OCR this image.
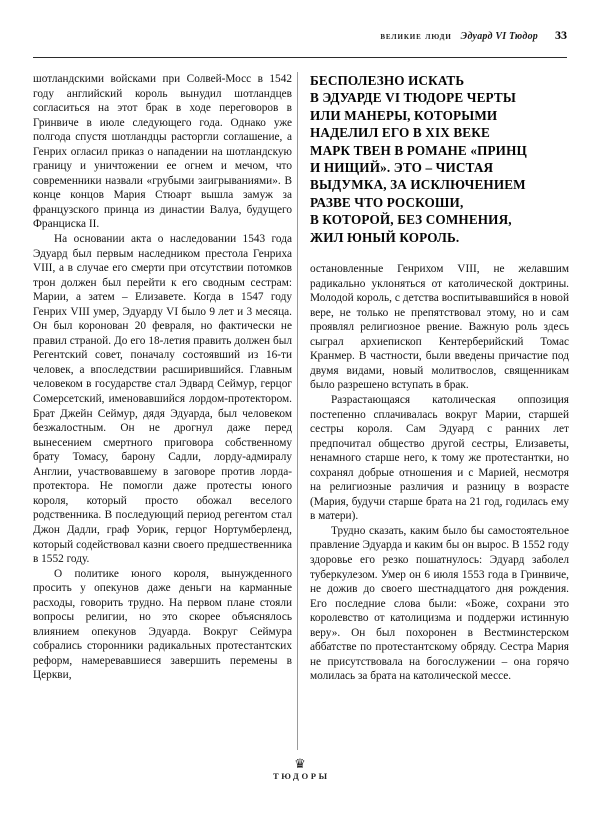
великие люди Эдуард VI Тюдор 33

шотландскими войсками при Солвей-Мосс в 1542 году английский король вынудил шотландцев согласиться на этот брак в ходе переговоров в Гринвиче в июле следующего года. Однако уже полгода спустя шотландцы расторгли соглашение, а Генрих огласил приказ о нападении на шотландскую границу и уничтожении ее огнем и мечом, что современники назвали «грубыми заигрываниями». В конце концов Мария Стюарт вышла замуж за французского принца из династии Валуа, будущего Франциска II.

На основании акта о наследовании 1543 года Эдуард был первым наследником престола Генриха VIII, а в случае его смерти при отсутствии потомков трон должен был перейти к его сводным сестрам: Марии, а затем – Елизавете. Когда в 1547 году Генрих VIII умер, Эдуарду VI было 9 лет и 3 месяца. Он был коронован 20 февраля, но фактически не правил страной. До его 18-летия править должен был Регентский совет, поначалу состоявший из 16-ти человек, а впоследствии расширившийся. Главным человеком в государстве стал Эдвард Сеймур, герцог Сомерсетский, именовавшийся лордом-протектором. Брат Джейн Сеймур, дядя Эдуарда, был человеком безжалостным. Он не дрогнул даже перед вынесением смертного приговора собственному брату Томасу, барону Садли, лорду-адмиралу Англии, участвовавшему в заговоре против лорда-протектора. Не помогли даже протесты юного короля, который просто обожал веселого родственника. В последующий период регентом стал Джон Дадли, граф Уорик, герцог Нортумберленд, который содействовал казни своего предшественника в 1552 году.

О политике юного короля, вынужденного просить у опекунов даже деньги на карманные расходы, говорить трудно. На первом плане стояли вопросы религии, но это скорее объяснялось влиянием опекунов Эдуарда. Вокруг Сеймура собрались сторонники радикальных протестантских реформ, намеревавшиеся завершить перемены в Церкви,

БЕСПОЛЕЗНО ИСКАТЬ
В ЭДУАРДЕ VI ТЮДОРЕ ЧЕРТЫ
ИЛИ МАНЕРЫ, КОТОРЫМИ
НАДЕЛИЛ ЕГО В XIX ВЕКЕ
МАРК ТВЕН В РОМАНЕ «ПРИНЦ
И НИЩИЙ». ЭТО – ЧИСТАЯ
ВЫДУМКА, ЗА ИСКЛЮЧЕНИЕМ
РАЗВЕ ЧТО РОСКОШИ,
В КОТОРОЙ, БЕЗ СОМНЕНИЯ,
ЖИЛ ЮНЫЙ КОРОЛЬ.

остановленные Генрихом VIII, не желавшим радикально уклоняться от католической доктрины. Молодой король, с детства воспитывавшийся в новой вере, не только не препятствовал этому, но и сам проявлял религиозное рвение. Важную роль здесь сыграл архиепископ Кентерберийский Томас Кранмер. В частности, были введены причастие под двумя видами, новый молитвослов, священникам было разрешено вступать в брак.

Разрастающаяся католическая оппозиция постепенно сплачивалась вокруг Марии, старшей сестры короля. Сам Эдуард с ранних лет предпочитал общество другой сестры, Елизаветы, ненамного старше него, к тому же протестантки, но сохранял добрые отношения и с Марией, несмотря на религиозные различия и разницу в возрасте (Мария, будучи старше брата на 21 год, годилась ему в матери).

Трудно сказать, каким было бы самостоятельное правление Эдуарда и каким бы он вырос. В 1552 году здоровье его резко пошатнулось: Эдуард заболел туберкулезом. Умер он 6 июля 1553 года в Гринвиче, не дожив до своего шестнадцатого дня рождения. Его последние слова были: «Боже, сохрани это королевство от католицизма и поддержи истинную веру». Он был похоронен в Вестминстерском аббатстве по протестантскому обряду. Сестра Мария не присутствовала на богослужении – она горячо молилась за брата на католической мессе.

♛
ТЮДОРЫ
